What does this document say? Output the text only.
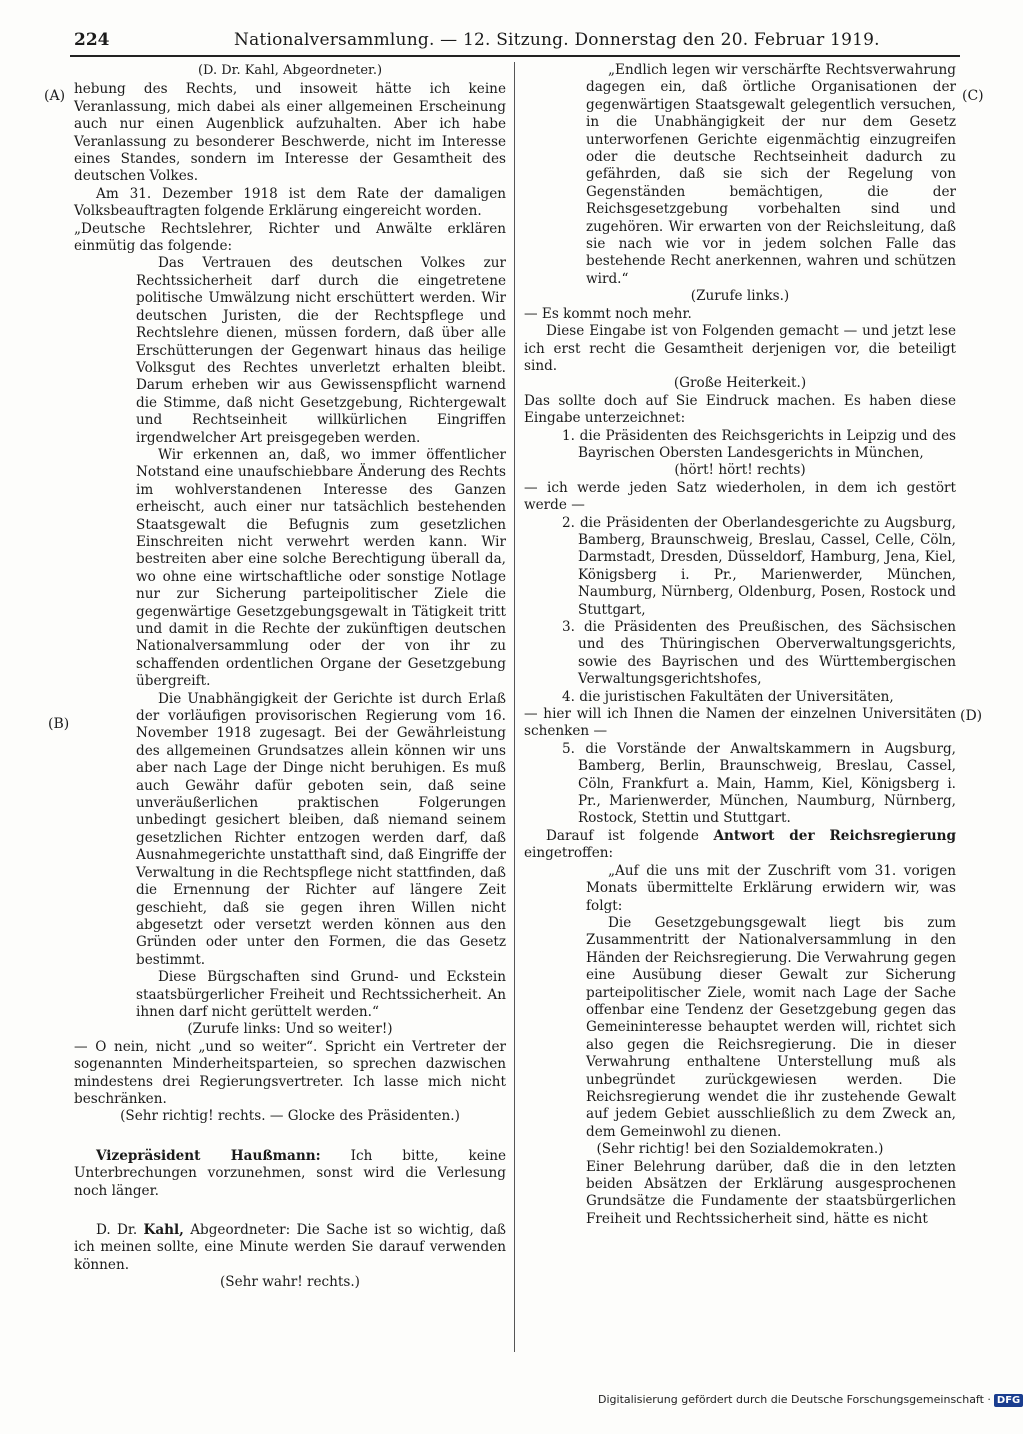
224	Nationalversammlung. — 12. Sitzung. Donnerstag den 20. Februar 1919.
(A)
(B)
(C)
(D)

(D. Dr. Kahl, Abgeordneter.)

hebung des Rechts, und insoweit hätte ich keine Veranlassung, mich dabei als einer allgemeinen Erscheinung auch nur einen Augenblick aufzuhalten. Aber ich habe Veranlassung zu besonderer Beschwerde, nicht im Interesse eines Standes, sondern im Interesse der Gesamtheit des deutschen Volkes.

Am 31. Dezember 1918 ist dem Rate der damaligen Volksbeauftragten folgende Erklärung eingereicht worden.

„Deutsche Rechtslehrer, Richter und Anwälte erklären einmütig das folgende:

Das Vertrauen des deutschen Volkes zur Rechtssicherheit darf durch die eingetretene politische Umwälzung nicht erschüttert werden. Wir deutschen Juristen, die der Rechtspflege und Rechtslehre dienen, müssen fordern, daß über alle Erschütterungen der Gegenwart hinaus das heilige Volksgut des Rechtes unverletzt erhalten bleibt. Darum erheben wir aus Gewissenspflicht warnend die Stimme, daß nicht Gesetzgebung, Richtergewalt und Rechtseinheit willkürlichen Eingriffen irgendwelcher Art preisgegeben werden.

Wir erkennen an, daß, wo immer öffentlicher Notstand eine unaufschiebbare Änderung des Rechts im wohlverstandenen Interesse des Ganzen erheischt, auch einer nur tatsächlich bestehenden Staatsgewalt die Befugnis zum gesetzlichen Einschreiten nicht verwehrt werden kann. Wir bestreiten aber eine solche Berechtigung überall da, wo ohne eine wirtschaftliche oder sonstige Notlage nur zur Sicherung parteipolitischer Ziele die gegenwärtige Gesetzgebungsgewalt in Tätigkeit tritt und damit in die Rechte der zukünftigen deutschen Nationalversammlung oder der von ihr zu schaffenden ordentlichen Organe der Gesetzgebung übergreift.

Die Unabhängigkeit der Gerichte ist durch Erlaß der vorläufigen provisorischen Regierung vom 16. November 1918 zugesagt. Bei der Gewährleistung des allgemeinen Grundsatzes allein können wir uns aber nach Lage der Dinge nicht beruhigen. Es muß auch Gewähr dafür geboten sein, daß seine unveräußerlichen praktischen Folgerungen unbedingt gesichert bleiben, daß niemand seinem gesetzlichen Richter entzogen werden darf, daß Ausnahmegerichte unstatthaft sind, daß Eingriffe der Verwaltung in die Rechtspflege nicht stattfinden, daß die Ernennung der Richter auf längere Zeit geschieht, daß sie gegen ihren Willen nicht abgesetzt oder versetzt werden können aus den Gründen oder unter den Formen, die das Gesetz bestimmt.

Diese Bürgschaften sind Grund- und Eckstein staatsbürgerlicher Freiheit und Rechtssicherheit. An ihnen darf nicht gerüttelt werden.“

(Zurufe links: Und so weiter!)

— O nein, nicht „und so weiter“. Spricht ein Vertreter der sogenannten Minderheitsparteien, so sprechen dazwischen mindestens drei Regierungsvertreter. Ich lasse mich nicht beschränken.

(Sehr richtig! rechts. — Glocke des Präsidenten.)

Vizepräsident Haußmann: Ich bitte, keine Unterbrechungen vorzunehmen, sonst wird die Verlesung noch länger.

D. Dr. Kahl, Abgeordneter: Die Sache ist so wichtig, daß ich meinen sollte, eine Minute werden Sie darauf verwenden können.

(Sehr wahr! rechts.)

„Endlich legen wir verschärfte Rechtsverwahrung dagegen ein, daß örtliche Organisationen der gegenwärtigen Staatsgewalt gelegentlich versuchen, in die Unabhängigkeit der nur dem Gesetz unterworfenen Gerichte eigenmächtig einzugreifen oder die deutsche Rechtseinheit dadurch zu gefährden, daß sie sich der Regelung von Gegenständen bemächtigen, die der Reichsgesetzgebung vorbehalten sind und zugehören. Wir erwarten von der Reichsleitung, daß sie nach wie vor in jedem solchen Falle das bestehende Recht anerkennen, wahren und schützen wird.“

(Zurufe links.)

— Es kommt noch mehr.

Diese Eingabe ist von Folgenden gemacht — und jetzt lese ich erst recht die Gesamtheit derjenigen vor, die beteiligt sind.

(Große Heiterkeit.)

Das sollte doch auf Sie Eindruck machen. Es haben diese Eingabe unterzeichnet:

1. die Präsidenten des Reichsgerichts in Leipzig und des Bayrischen Obersten Landesgerichts in München,

(hört! hört! rechts)

— ich werde jeden Satz wiederholen, in dem ich gestört werde —

2. die Präsidenten der Oberlandesgerichte zu Augsburg, Bamberg, Braunschweig, Breslau, Cassel, Celle, Cöln, Darmstadt, Dresden, Düsseldorf, Hamburg, Jena, Kiel, Königsberg i. Pr., Marienwerder, München, Naumburg, Nürnberg, Oldenburg, Posen, Rostock und Stuttgart,

3. die Präsidenten des Preußischen, des Sächsischen und des Thüringischen Oberverwaltungsgerichts, sowie des Bayrischen und des Württembergischen Verwaltungsgerichtshofes,

4. die juristischen Fakultäten der Universitäten,

— hier will ich Ihnen die Namen der einzelnen Universitäten schenken —

5. die Vorstände der Anwaltskammern in Augsburg, Bamberg, Berlin, Braunschweig, Breslau, Cassel, Cöln, Frankfurt a. Main, Hamm, Kiel, Königsberg i. Pr., Marienwerder, München, Naumburg, Nürnberg, Rostock, Stettin und Stuttgart.

Darauf ist folgende Antwort der Reichsregierung eingetroffen:

„Auf die uns mit der Zuschrift vom 31. vorigen Monats übermittelte Erklärung erwidern wir, was folgt:

Die Gesetzgebungsgewalt liegt bis zum Zusammentritt der Nationalversammlung in den Händen der Reichsregierung. Die Verwahrung gegen eine Ausübung dieser Gewalt zur Sicherung parteipolitischer Ziele, womit nach Lage der Sache offenbar eine Tendenz der Gesetzgebung gegen das Gemeininteresse behauptet werden will, richtet sich also gegen die Reichsregierung. Die in dieser Verwahrung enthaltene Unterstellung muß als unbegründet zurückgewiesen werden. Die Reichsregierung wendet die ihr zustehende Gewalt auf jedem Gebiet ausschließlich zu dem Zweck an, dem Gemeinwohl zu dienen.

(Sehr richtig! bei den Sozialdemokraten.)

Einer Belehrung darüber, daß die in den letzten beiden Absätzen der Erklärung ausgesprochenen Grundsätze die Fundamente der staatsbürgerlichen Freiheit und Rechtssicherheit sind, hätte es nicht

Digitalisierung gefördert durch die Deutsche Forschungsgemeinschaft · DFG
